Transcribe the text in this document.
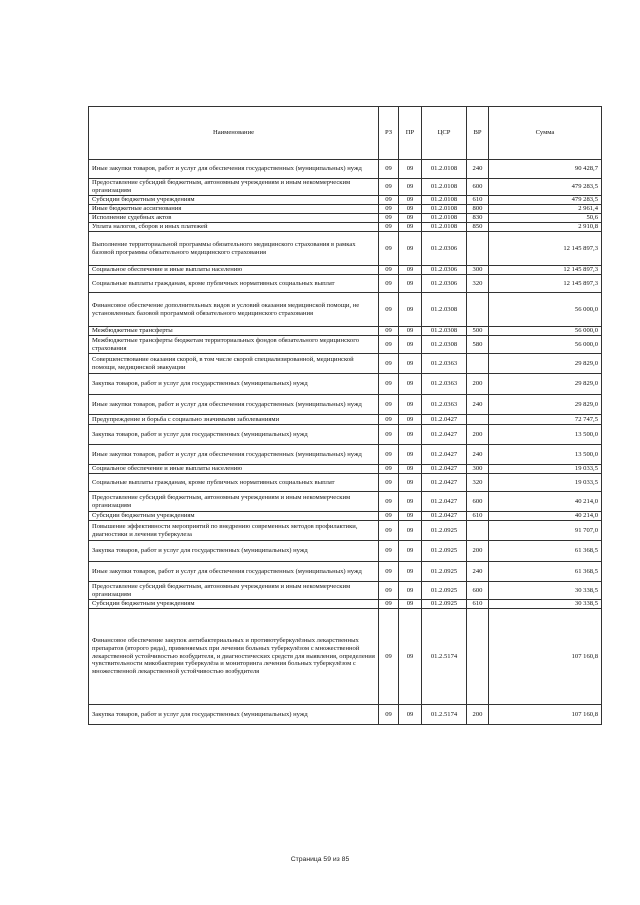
Наименование	РЗ	ПР	ЦСР	ВР	Сумма
Иные закупки товаров, работ и услуг для обеспечения государственных (муниципальных) нужд	09	09	01.2.0108	240	90 428,7
Предоставление субсидий бюджетным, автономным учреждениям и иным некоммерческим организациям	09	09	01.2.0108	600	479 283,5
Субсидии бюджетным учреждениям	09	09	01.2.0108	610	479 283,5
Иные бюджетные ассигнования	09	09	01.2.0108	800	2 961,4
Исполнение судебных актов	09	09	01.2.0108	830	50,6
Уплата налогов, сборов и иных платежей	09	09	01.2.0108	850	2 910,8
Выполнение территориальной программы обязательного медицинского страхования в рамках базовой программы обязательного медицинского страхования	09	09	01.2.0306		12 145 897,3
Социальное обеспечение и иные выплаты населению	09	09	01.2.0306	300	12 145 897,3
Социальные выплаты гражданам, кроме публичных нормативных социальных выплат	09	09	01.2.0306	320	12 145 897,3
Финансовое обеспечение дополнительных видов и условий оказания медицинской помощи, не установленных базовой программой обязательного медицинского страхования	09	09	01.2.0308		56 000,0
Межбюджетные трансферты	09	09	01.2.0308	500	56 000,0
Межбюджетные трансферты бюджетам территориальных фондов обязательного медицинского страхования	09	09	01.2.0308	580	56 000,0
Совершенствование оказания скорой, в том числе скорой специализированной, медицинской помощи, медицинской эвакуации	09	09	01.2.0363		29 829,0
Закупка товаров, работ и услуг для государственных (муниципальных) нужд	09	09	01.2.0363	200	29 829,0
Иные закупки товаров, работ и услуг для обеспечения государственных (муниципальных) нужд	09	09	01.2.0363	240	29 829,0
Предупреждение и борьба с социально значимыми заболеваниями	09	09	01.2.0427		72 747,5
Закупка товаров, работ и услуг для государственных (муниципальных) нужд	09	09	01.2.0427	200	13 500,0
Иные закупки товаров, работ и услуг для обеспечения государственных (муниципальных) нужд	09	09	01.2.0427	240	13 500,0
Социальное обеспечение и иные выплаты населению	09	09	01.2.0427	300	19 033,5
Социальные выплаты гражданам, кроме публичных нормативных социальных выплат	09	09	01.2.0427	320	19 033,5
Предоставление субсидий бюджетным, автономным учреждениям и иным некоммерческим организациям	09	09	01.2.0427	600	40 214,0
Субсидии бюджетным учреждениям	09	09	01.2.0427	610	40 214,0
Повышение эффективности мероприятий по внедрению современных методов профилактики, диагностики и лечения туберкулеза	09	09	01.2.0925		91 707,0
Закупка товаров, работ и услуг для государственных (муниципальных) нужд	09	09	01.2.0925	200	61 368,5
Иные закупки товаров, работ и услуг для обеспечения государственных (муниципальных) нужд	09	09	01.2.0925	240	61 368,5
Предоставление субсидий бюджетным, автономным учреждениям и иным некоммерческим организациям	09	09	01.2.0925	600	30 338,5
Субсидии бюджетным учреждениям	09	09	01.2.0925	610	30 338,5
Финансовое обеспечение закупок антибактериальных и противотуберкулёзных лекарственных препаратов (второго ряда), применяемых при лечении больных туберкулёзом с множественной лекарственной устойчивостью возбудителя, и диагностических средств для выявления, определения чувствительности микобактерии туберкулёза и мониторинга лечения больных туберкулёзом с множественной лекарственной устойчивостью возбудителя	09	09	01.2.5174		107 160,8
Закупка товаров, работ и услуг для государственных (муниципальных) нужд	09	09	01.2.5174	200	107 160,8
Страница 59 из 85
